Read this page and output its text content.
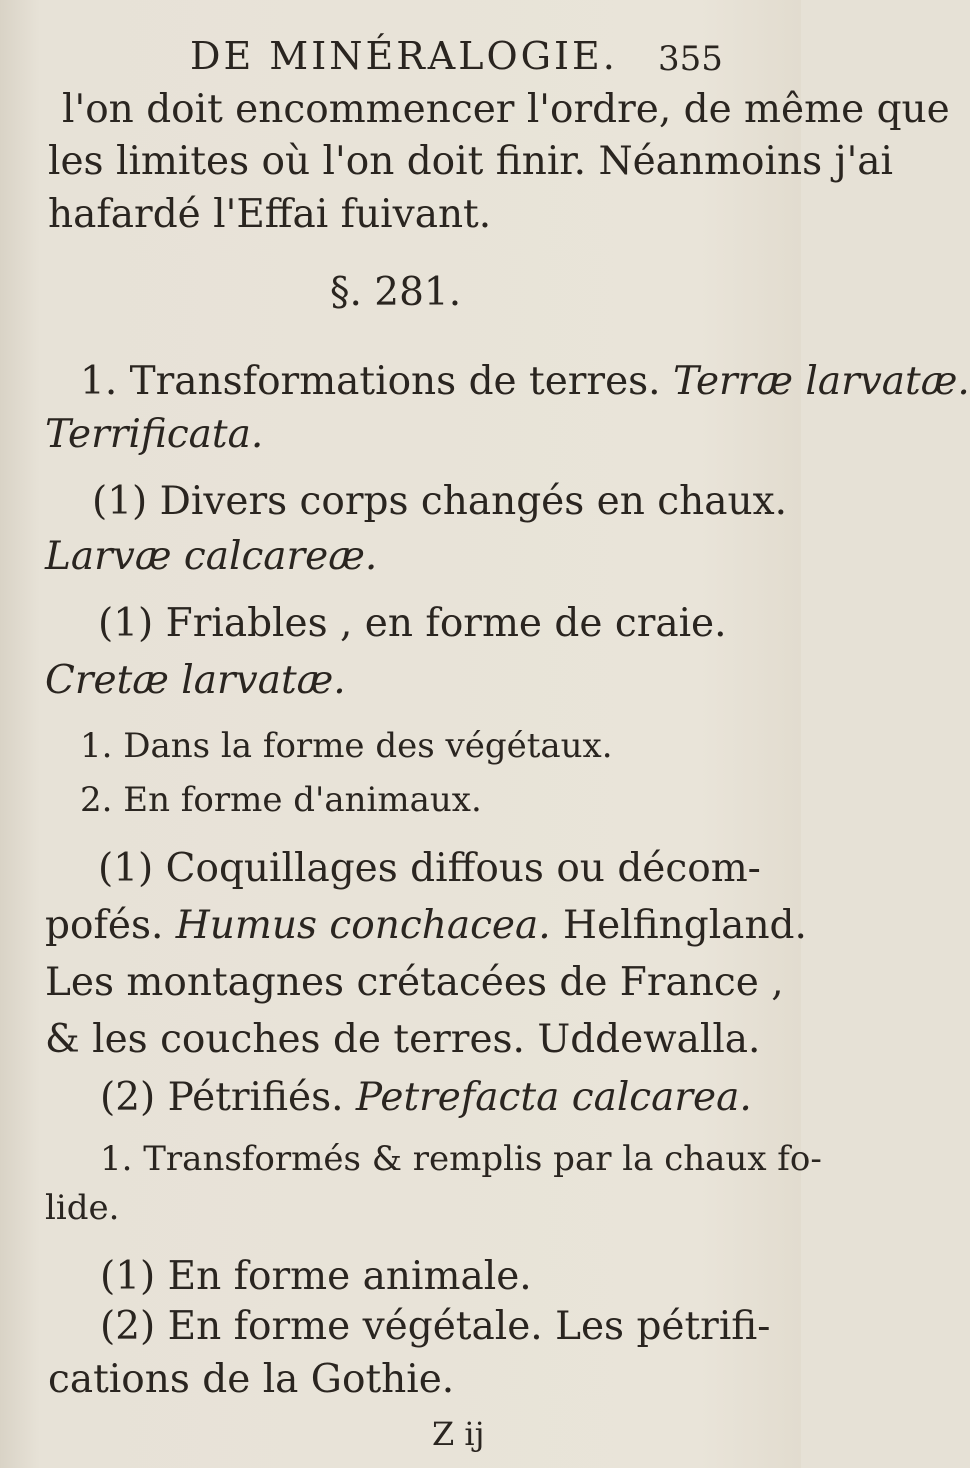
DE MINÉRALOGIE. 355
l'on doit encommencer l'ordre, de même que
les limites où l'on doit finir. Néanmoins j'ai
hafardé l'Effai fuivant.
§. 281.
1. Transformations de terres. Terræ larvatæ.
Terrificata.
(1) Divers corps changés en chaux.
Larvæ calcareæ.
(1) Friables , en forme de craie.
Cretæ larvatæ.
1. Dans la forme des végétaux.
2. En forme d'animaux.
(1) Coquillages diffous ou décom-
pofés. Humus conchacea. Helfingland.
Les montagnes crétacées de France ,
& les couches de terres. Uddewalla.
(2) Pétrifiés. Petrefacta calcarea.
1. Transformés & remplis par la chaux fo-
lide.
(1) En forme animale.
(2) En forme végétale. Les pétrifi-
cations de la Gothie.
Z ij
